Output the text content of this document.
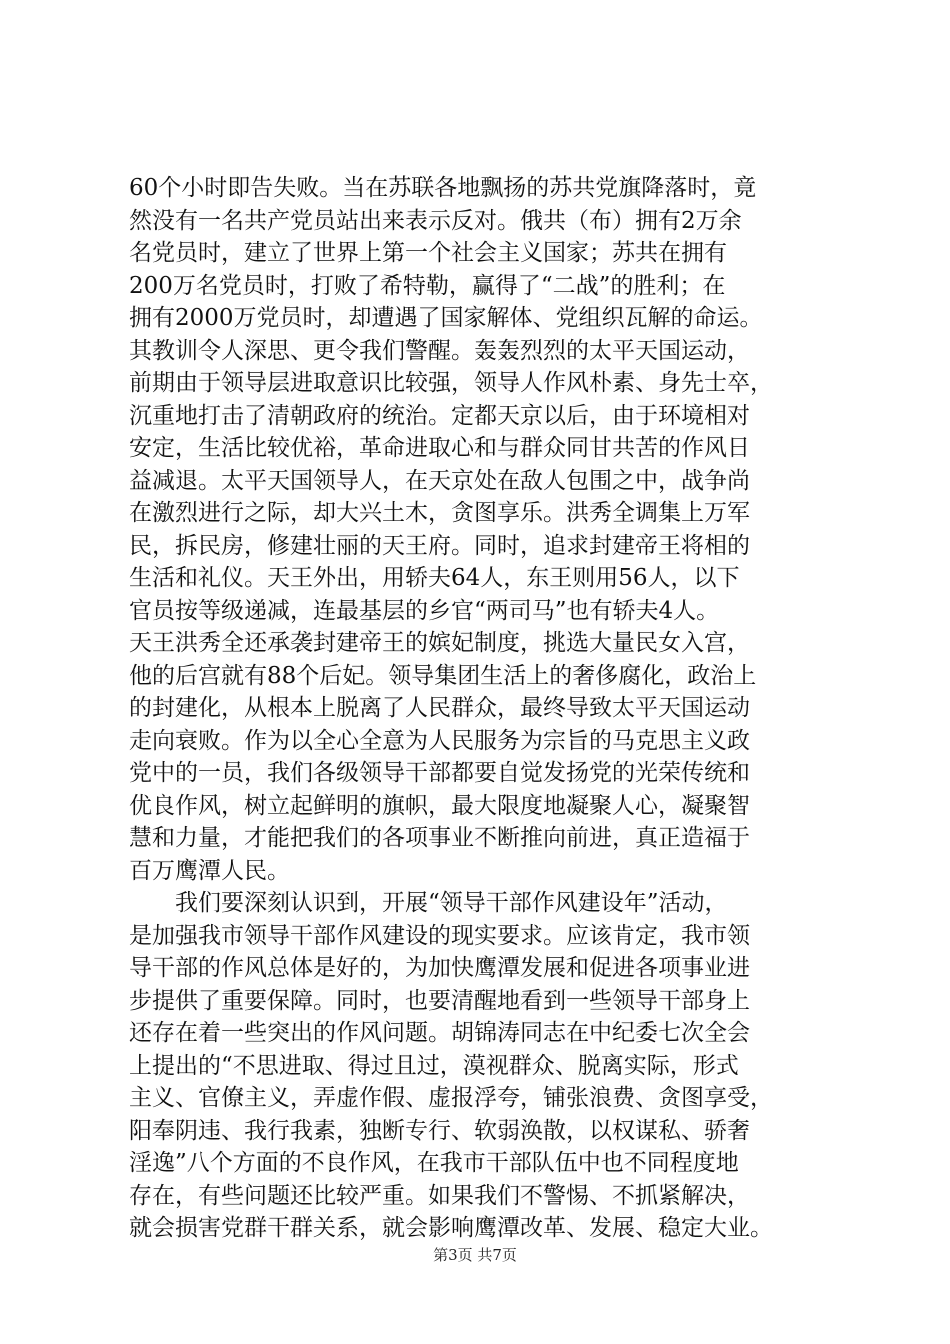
60个小时即告失败。当在苏联各地飘扬的苏共党旗降落时，竟
然没有一名共产党员站出来表示反对。俄共（布）拥有2万余
名党员时，建立了世界上第一个社会主义国家；苏共在拥有
200万名党员时，打败了希特勒，赢得了“二战”的胜利；在
拥有2000万党员时，却遭遇了国家解体、党组织瓦解的命运。
其教训令人深思、更令我们警醒。轰轰烈烈的太平天国运动，
前期由于领导层进取意识比较强，领导人作风朴素、身先士卒，
沉重地打击了清朝政府的统治。定都天京以后，由于环境相对
安定，生活比较优裕，革命进取心和与群众同甘共苦的作风日
益减退。太平天国领导人，在天京处在敌人包围之中，战争尚
在激烈进行之际，却大兴土木，贪图享乐。洪秀全调集上万军
民，拆民房，修建壮丽的天王府。同时，追求封建帝王将相的
生活和礼仪。天王外出，用轿夫64人，东王则用56人，以下
官员按等级递减，连最基层的乡官“两司马”也有轿夫4人。
天王洪秀全还承袭封建帝王的嫔妃制度，挑选大量民女入宫，
他的后宫就有88个后妃。领导集团生活上的奢侈腐化，政治上
的封建化，从根本上脱离了人民群众，最终导致太平天国运动
走向衰败。作为以全心全意为人民服务为宗旨的马克思主义政
党中的一员，我们各级领导干部都要自觉发扬党的光荣传统和
优良作风，树立起鲜明的旗帜，最大限度地凝聚人心，凝聚智
慧和力量，才能把我们的各项事业不断推向前进，真正造福于
百万鹰潭人民。
我们要深刻认识到，开展“领导干部作风建设年”活动，
是加强我市领导干部作风建设的现实要求。应该肯定，我市领
导干部的作风总体是好的，为加快鹰潭发展和促进各项事业进
步提供了重要保障。同时，也要清醒地看到一些领导干部身上
还存在着一些突出的作风问题。胡锦涛同志在中纪委七次全会
上提出的“不思进取、得过且过，漠视群众、脱离实际，形式
主义、官僚主义，弄虚作假、虚报浮夸，铺张浪费、贪图享受，
阳奉阴违、我行我素，独断专行、软弱涣散，以权谋私、骄奢
淫逸”八个方面的不良作风，在我市干部队伍中也不同程度地
存在，有些问题还比较严重。如果我们不警惕、不抓紧解决，
就会损害党群干群关系，就会影响鹰潭改革、发展、稳定大业。
第3页 共7页
